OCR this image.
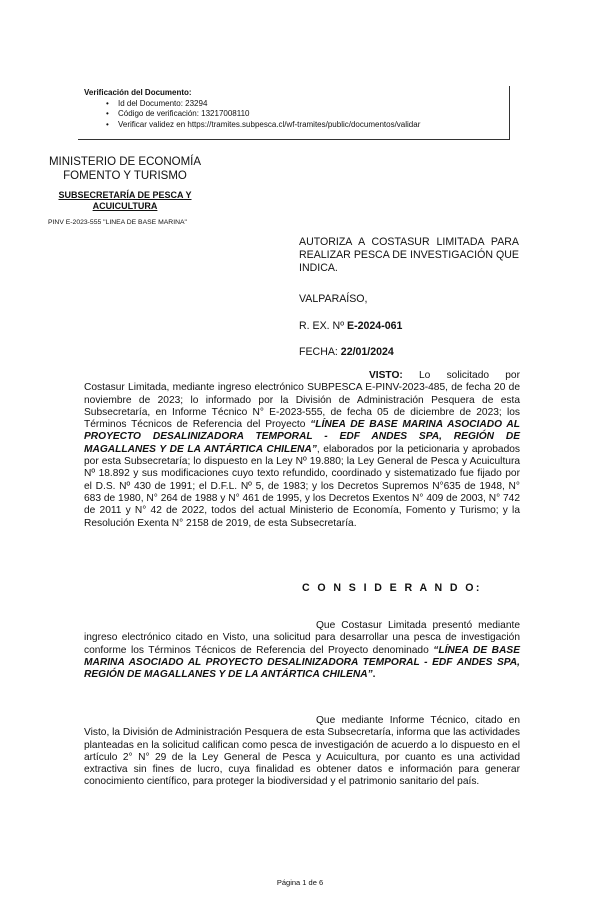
Verificación del Documento:
• Id del Documento: 23294
• Código de verificación: 13217008110
• Verificar validez en https://tramites.subpesca.cl/wf-tramites/public/documentos/validar
MINISTERIO DE ECONOMÍA
FOMENTO Y TURISMO
SUBSECRETARÍA DE PESCA Y ACUICULTURA
PINV E-2023-555 "LINEA DE BASE MARINA"
AUTORIZA A COSTASUR LIMITADA PARA REALIZAR PESCA DE INVESTIGACIÓN QUE INDICA.
VALPARAÍSO,
R. EX. Nº E-2024-061
FECHA: 22/01/2024

VISTO: Lo solicitado por Costasur Limitada, mediante ingreso electrónico SUBPESCA E-PINV-2023-485, de fecha 20 de noviembre de 2023; lo informado por la División de Administración Pesquera de esta Subsecretaría, en Informe Técnico N° E-2023-555, de fecha 05 de diciembre de 2023; los Términos Técnicos de Referencia del Proyecto “LÍNEA DE BASE MARINA ASOCIADO AL PROYECTO DESALINIZADORA TEMPORAL - EDF ANDES SPA, REGIÓN DE MAGALLANES Y DE LA ANTÁRTICA CHILENA”, elaborados por la peticionaria y aprobados por esta Subsecretaría; lo dispuesto en la Ley Nº 19.880; la Ley General de Pesca y Acuicultura Nº 18.892 y sus modificaciones cuyo texto refundido, coordinado y sistematizado fue fijado por el D.S. Nº 430 de 1991; el D.F.L. Nº 5, de 1983; y los Decretos Supremos N°635 de 1948, N° 683 de 1980, N° 264 de 1988 y N° 461 de 1995, y los Decretos Exentos N° 409 de 2003, N° 742 de 2011 y N° 42 de 2022, todos del actual Ministerio de Economía, Fomento y Turismo; y la Resolución Exenta N° 2158 de 2019, de esta Subsecretaría.

C O N S I D E R A N D O:

Que Costasur Limitada presentó mediante ingreso electrónico citado en Visto, una solicitud para desarrollar una pesca de investigación conforme los Términos Técnicos de Referencia del Proyecto denominado “LÍNEA DE BASE MARINA ASOCIADO AL PROYECTO DESALINIZADORA TEMPORAL - EDF ANDES SPA, REGIÓN DE MAGALLANES Y DE LA ANTÁRTICA CHILENA”.

Que mediante Informe Técnico, citado en Visto, la División de Administración Pesquera de esta Subsecretaría, informa que las actividades planteadas en la solicitud califican como pesca de investigación de acuerdo a lo dispuesto en el artículo 2° N° 29 de la Ley General de Pesca y Acuicultura, por cuanto es una actividad extractiva sin fines de lucro, cuya finalidad es obtener datos e información para generar conocimiento científico, para proteger la biodiversidad y el patrimonio sanitario del país.

Página 1 de 6
